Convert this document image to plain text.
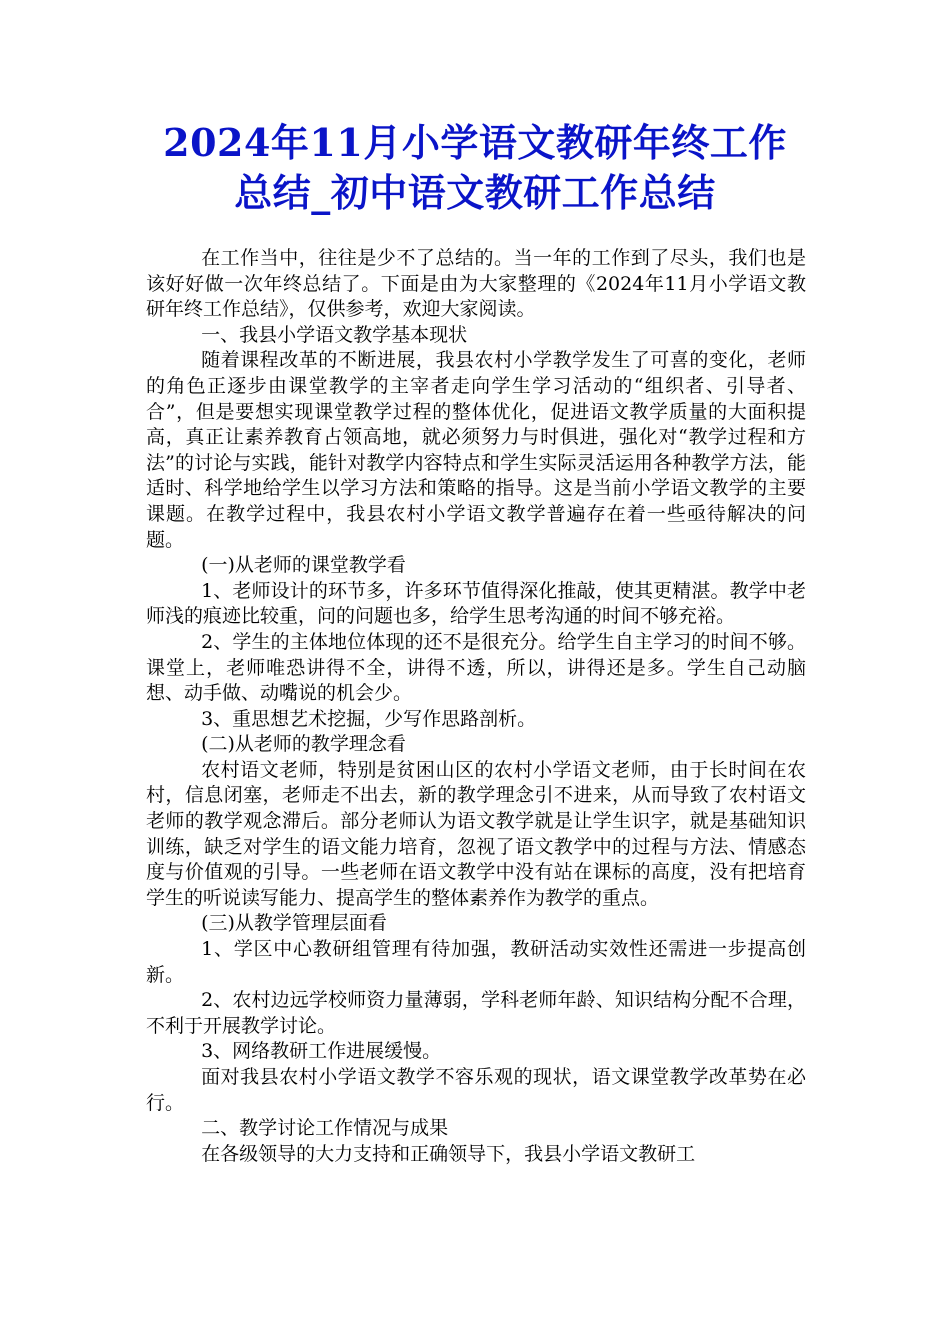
2024年11月小学语文教研年终工作
总结_初中语文教研工作总结

在工作当中，往往是少不了总结的。当一年的工作到了尽头，我们也是该好好做一次年终总结了。下面是由为大家整理的《2024年11月小学语文教研年终工作总结》，仅供参考，欢迎大家阅读。

一、我县小学语文教学基本现状

随着课程改革的不断进展，我县农村小学教学发生了可喜的变化，老师的角色正逐步由课堂教学的主宰者走向学生学习活动的“组织者、引导者、合”，但是要想实现课堂教学过程的整体优化，促进语文教学质量的大面积提高，真正让素养教育占领高地，就必须努力与时俱进，强化对“教学过程和方法”的讨论与实践，能针对教学内容特点和学生实际灵活运用各种教学方法，能适时、科学地给学生以学习方法和策略的指导。这是当前小学语文教学的主要课题。在教学过程中，我县农村小学语文教学普遍存在着一些亟待解决的问题。

(一)从老师的课堂教学看

1、老师设计的环节多，许多环节值得深化推敲，使其更精湛。教学中老师浅的痕迹比较重，问的问题也多，给学生思考沟通的时间不够充裕。

2、学生的主体地位体现的还不是很充分。给学生自主学习的时间不够。课堂上，老师唯恐讲得不全，讲得不透，所以，讲得还是多。学生自己动脑想、动手做、动嘴说的机会少。

3、重思想艺术挖掘，少写作思路剖析。

(二)从老师的教学理念看

农村语文老师，特别是贫困山区的农村小学语文老师，由于长时间在农村，信息闭塞，老师走不出去，新的教学理念引不进来，从而导致了农村语文老师的教学观念滞后。部分老师认为语文教学就是让学生识字，就是基础知识训练，缺乏对学生的语文能力培育，忽视了语文教学中的过程与方法、情感态度与价值观的引导。一些老师在语文教学中没有站在课标的高度，没有把培育学生的听说读写能力、提高学生的整体素养作为教学的重点。

(三)从教学管理层面看

1、学区中心教研组管理有待加强，教研活动实效性还需进一步提高创新。

2、农村边远学校师资力量薄弱，学科老师年龄、知识结构分配不合理，不利于开展教学讨论。

3、网络教研工作进展缓慢。

面对我县农村小学语文教学不容乐观的现状，语文课堂教学改革势在必行。

二、教学讨论工作情况与成果

在各级领导的大力支持和正确领导下，我县小学语文教研工
